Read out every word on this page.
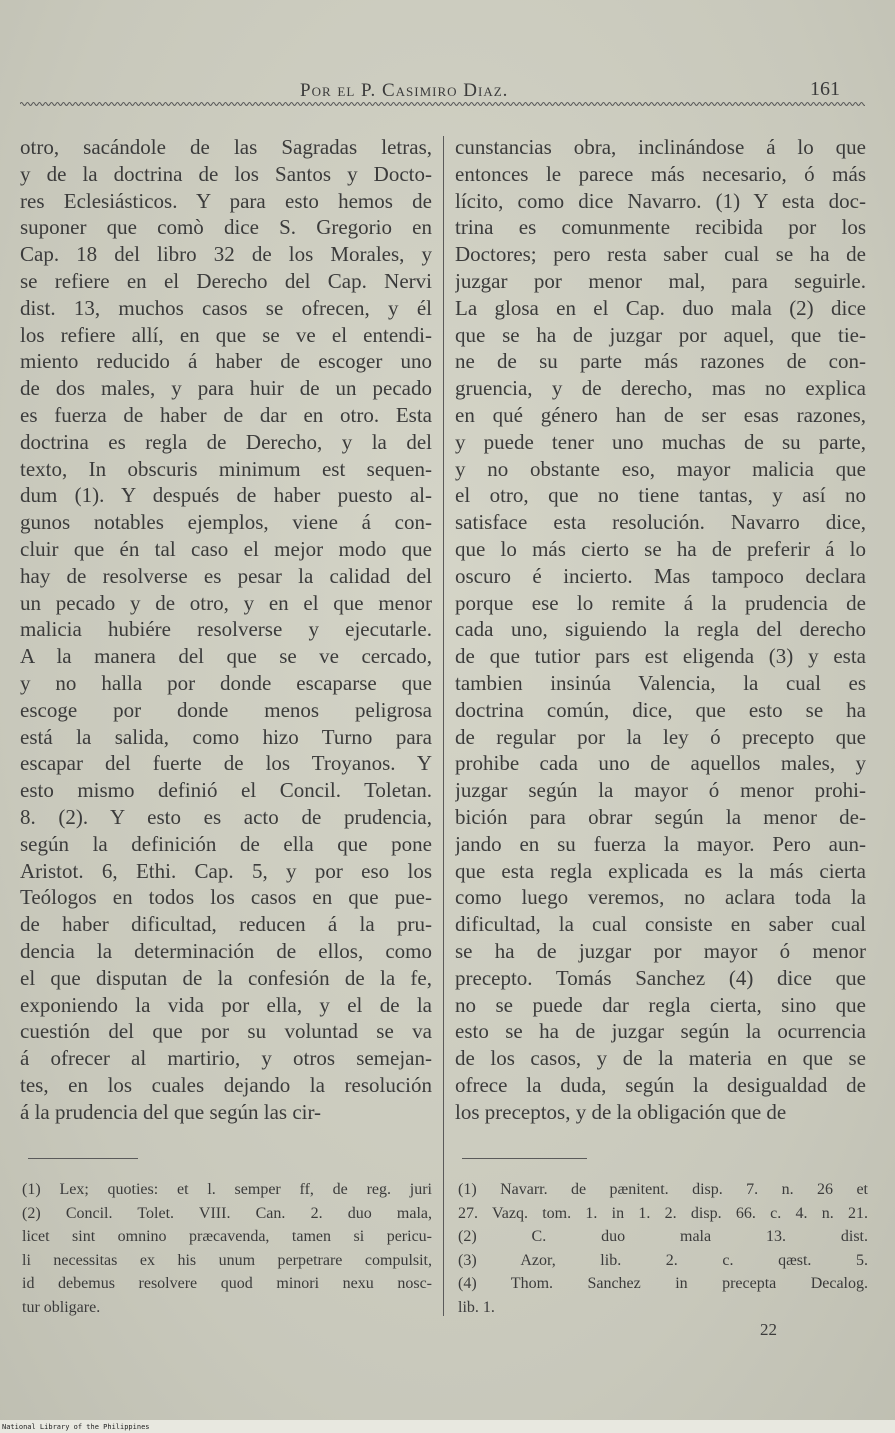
Por el P. Casimiro Diaz.	161
otro, sacándole de las Sagradas letras,
y de la doctrina de los Santos y Docto-
res Eclesiásticos. Y para esto hemos de
suponer que comò dice S. Gregorio en
Cap. 18 del libro 32 de los Morales, y
se refiere en el Derecho del Cap. Nervi
dist. 13, muchos casos se ofrecen, y él
los refiere allí, en que se ve el entendi-
miento reducido á haber de escoger uno
de dos males, y para huir de un pecado
es fuerza de haber de dar en otro. Esta
doctrina es regla de Derecho, y la del
texto, In obscuris minimum est sequen-
dum (1). Y después de haber puesto al-
gunos notables ejemplos, viene á con-
cluir que én tal caso el mejor modo que
hay de resolverse es pesar la calidad del
un pecado y de otro, y en el que menor
malicia hubiére resolverse y ejecutarle.
A la manera del que se ve cercado,
y no halla por donde escaparse que
escoge por donde menos peligrosa
está la salida, como hizo Turno para
escapar del fuerte de los Troyanos. Y
esto mismo definió el Concil. Toletan.
8. (2). Y esto es acto de prudencia,
según la definición de ella que pone
Aristot. 6, Ethi. Cap. 5, y por eso los
Teólogos en todos los casos en que pue-
de haber dificultad, reducen á la pru-
dencia la determinación de ellos, como
el que disputan de la confesión de la fe,
exponiendo la vida por ella, y el de la
cuestión del que por su voluntad se va
á ofrecer al martirio, y otros semejan-
tes, en los cuales dejando la resolución
á la prudencia del que según las cir-
cunstancias obra, inclinándose á lo que
entonces le parece más necesario, ó más
lícito, como dice Navarro. (1) Y esta doc-
trina es comunmente recibida por los
Doctores; pero resta saber cual se ha de
juzgar por menor mal, para seguirle.
La glosa en el Cap. duo mala (2) dice
que se ha de juzgar por aquel, que tie-
ne de su parte más razones de con-
gruencia, y de derecho, mas no explica
en qué género han de ser esas razones,
y puede tener uno muchas de su parte,
y no obstante eso, mayor malicia que
el otro, que no tiene tantas, y así no
satisface esta resolución. Navarro dice,
que lo más cierto se ha de preferir á lo
oscuro é incierto. Mas tampoco declara
porque ese lo remite á la prudencia de
cada uno, siguiendo la regla del derecho
de que tutior pars est eligenda (3) y esta
tambien insinúa Valencia, la cual es
doctrina común, dice, que esto se ha
de regular por la ley ó precepto que
prohibe cada uno de aquellos males, y
juzgar según la mayor ó menor prohi-
bición para obrar según la menor de-
jando en su fuerza la mayor. Pero aun-
que esta regla explicada es la más cierta
como luego veremos, no aclara toda la
dificultad, la cual consiste en saber cual
se ha de juzgar por mayor ó menor
precepto. Tomás Sanchez (4) dice que
no se puede dar regla cierta, sino que
esto se ha de juzgar según la ocurrencia
de los casos, y de la materia en que se
ofrece la duda, según la desigualdad de
los preceptos, y de la obligación que de
(1) Lex; quoties: et l. semper ff, de reg. juri
(2) Concil. Tolet. VIII. Can. 2. duo mala,
licet sint omnino præcavenda, tamen si pericu-
li necessitas ex his unum perpetrare compulsit,
id debemus resolvere quod minori nexu nosc-
tur obligare.
(1) Navarr. de pænitent. disp. 7. n. 26 et
27. Vazq. tom. 1. in 1. 2. disp. 66. c. 4. n. 21.
(2) C. duo mala 13. dist.
(3) Azor, lib. 2. c. qæst. 5.
(4) Thom. Sanchez in precepta Decalog.
lib. 1.
22
National Library of the Philippines
